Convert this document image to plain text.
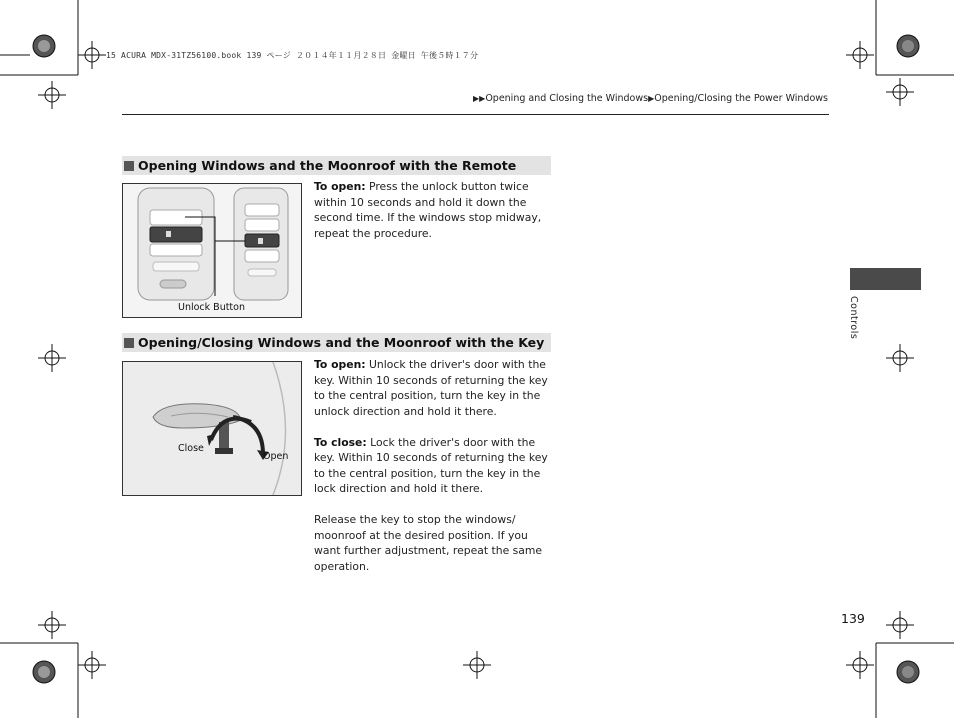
15 ACURA MDX-31TZ56100.book 139 ページ ２０１４年１１月２８日 金曜日 午後５時１７分
▶▶Opening and Closing the Windows▶Opening/Closing the Power Windows
Opening Windows and the Moonroof with the Remote
Unlock Button

To open: Press the unlock button twice within 10 seconds and hold it down the second time. If the windows stop midway, repeat the procedure.

Opening/Closing Windows and the Moonroof with the Key
Close
Open

To open: Unlock the driver's door with the key. Within 10 seconds of returning the key to the central position, turn the key in the unlock direction and hold it there.

To close: Lock the driver's door with the key. Within 10 seconds of returning the key to the central position, turn the key in the lock direction and hold it there.

Release the key to stop the windows/ moonroof at the desired position. If you want further adjustment, repeat the same operation.

Controls
139
